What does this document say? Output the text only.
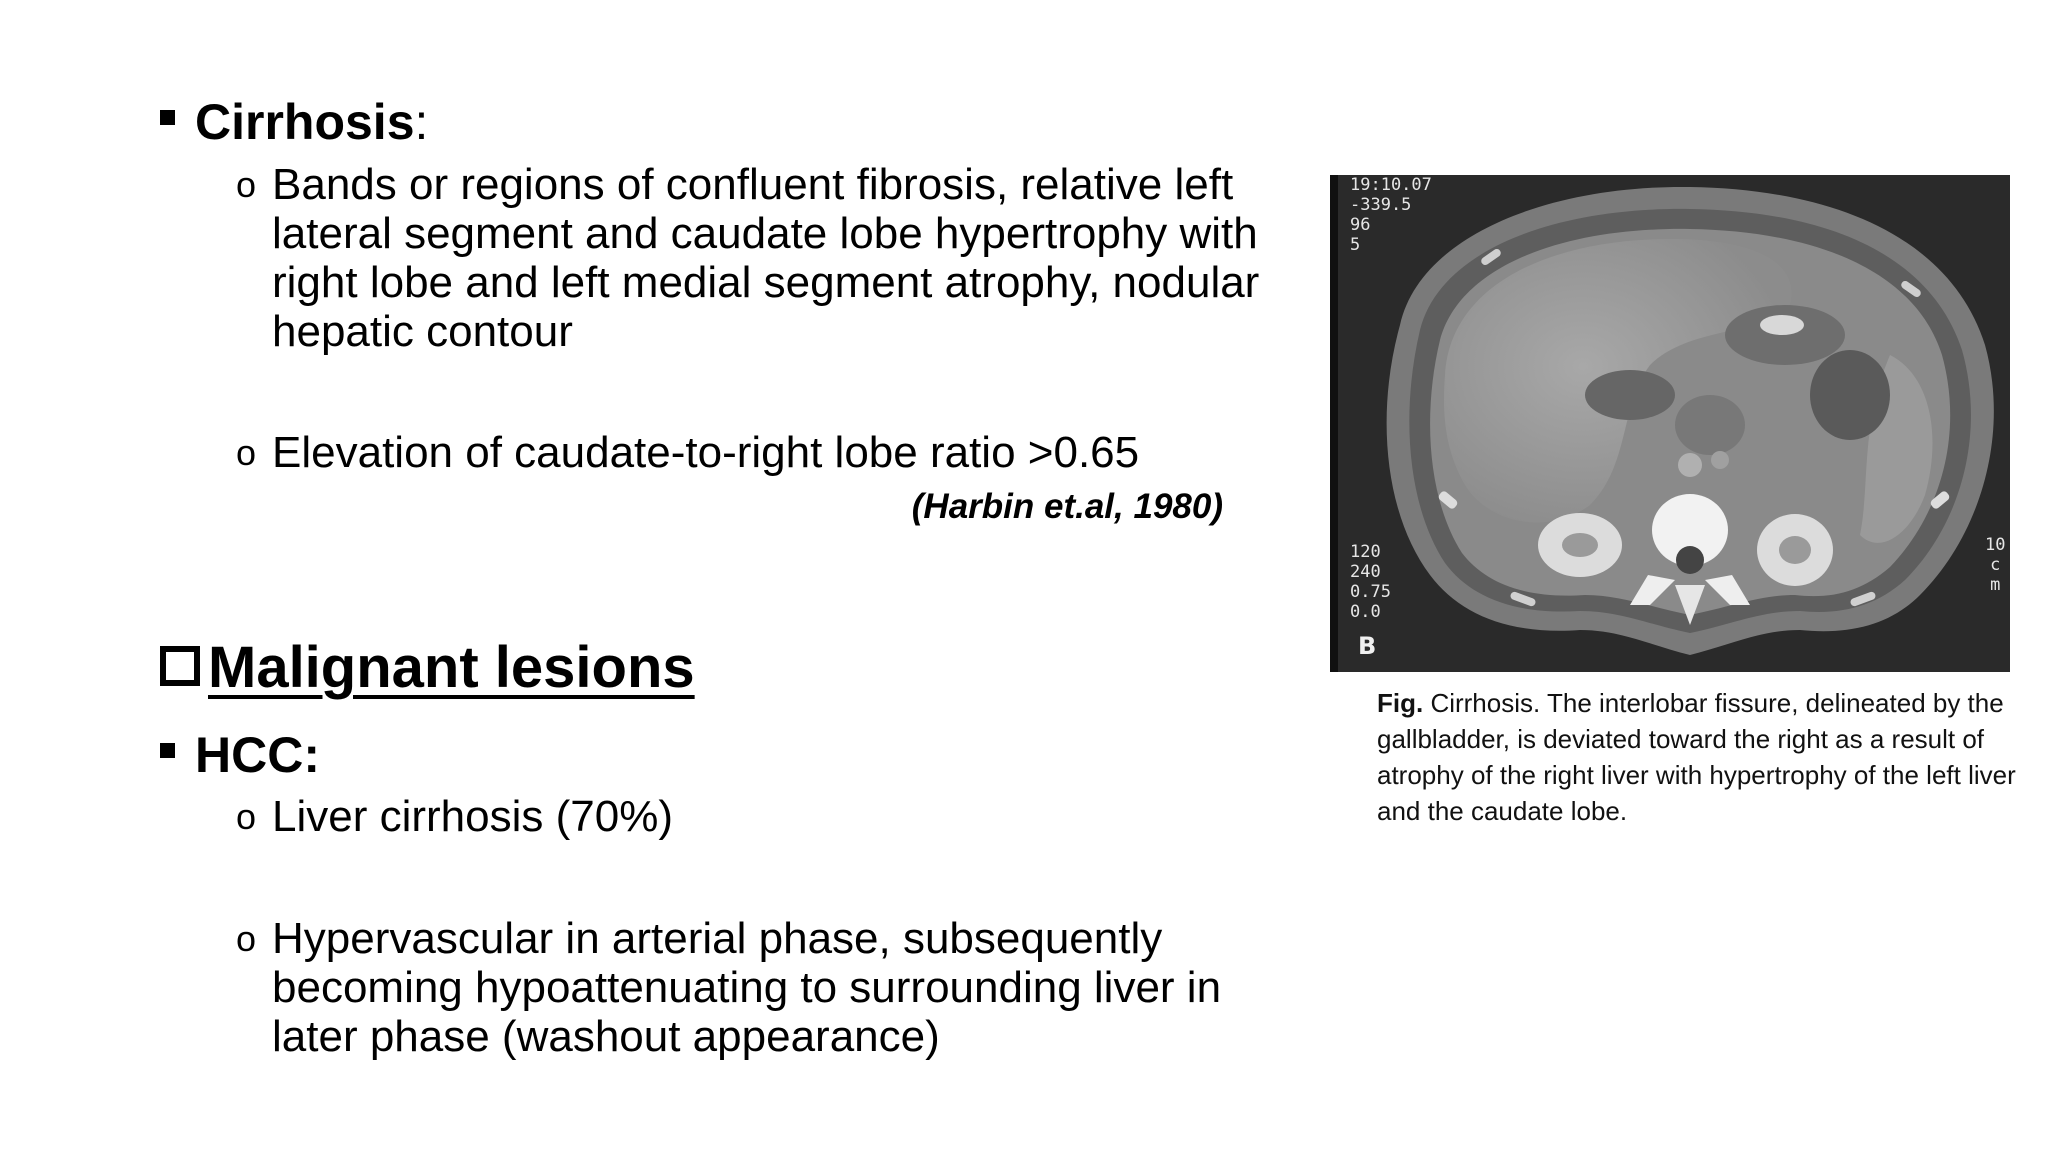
Cirrhosis:
o Bands or regions of confluent fibrosis, relative left lateral segment and caudate lobe hypertrophy with right lobe and left medial segment atrophy, nodular hepatic contour
o Elevation of caudate-to-right lobe ratio >0.65
(Harbin et.al, 1980)
Malignant lesions
HCC:
o Liver cirrhosis (70%)
o Hypervascular in arterial phase, subsequently becoming hypoattenuating to surrounding liver in later phase (washout appearance)
19:10.07
-339.5
96
5
120
240
0.75
0.0
10
c
m
B
Fig. Cirrhosis. The interlobar fissure, delineated by the gallbladder, is deviated toward the right as a result of atrophy of the right liver with hypertrophy of the left liver and the caudate lobe.
